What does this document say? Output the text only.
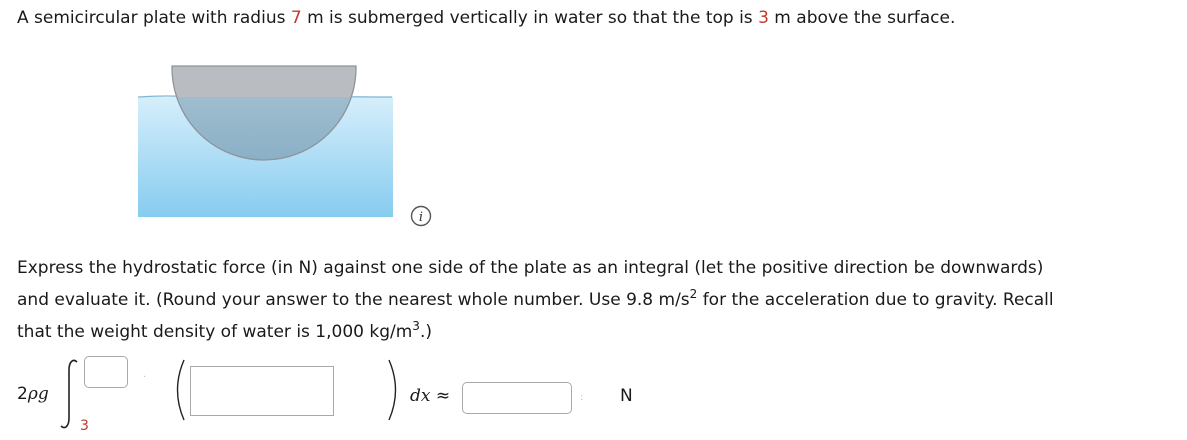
A semicircular plate with radius 7 m is submerged vertically in water so that the top is 3 m above the surface.
i
Express the hydrostatic force (in N) against one side of the plate as an integral (let the positive direction be downwards)
and evaluate it. (Round your answer to the nearest whole number. Use 9.8 $m/s^2$ for the acceleration due to gravity. Recall
that the weight density of water is 1,000 $kg/m^3$.)
2ρg
·
3
dx ≈	: N
